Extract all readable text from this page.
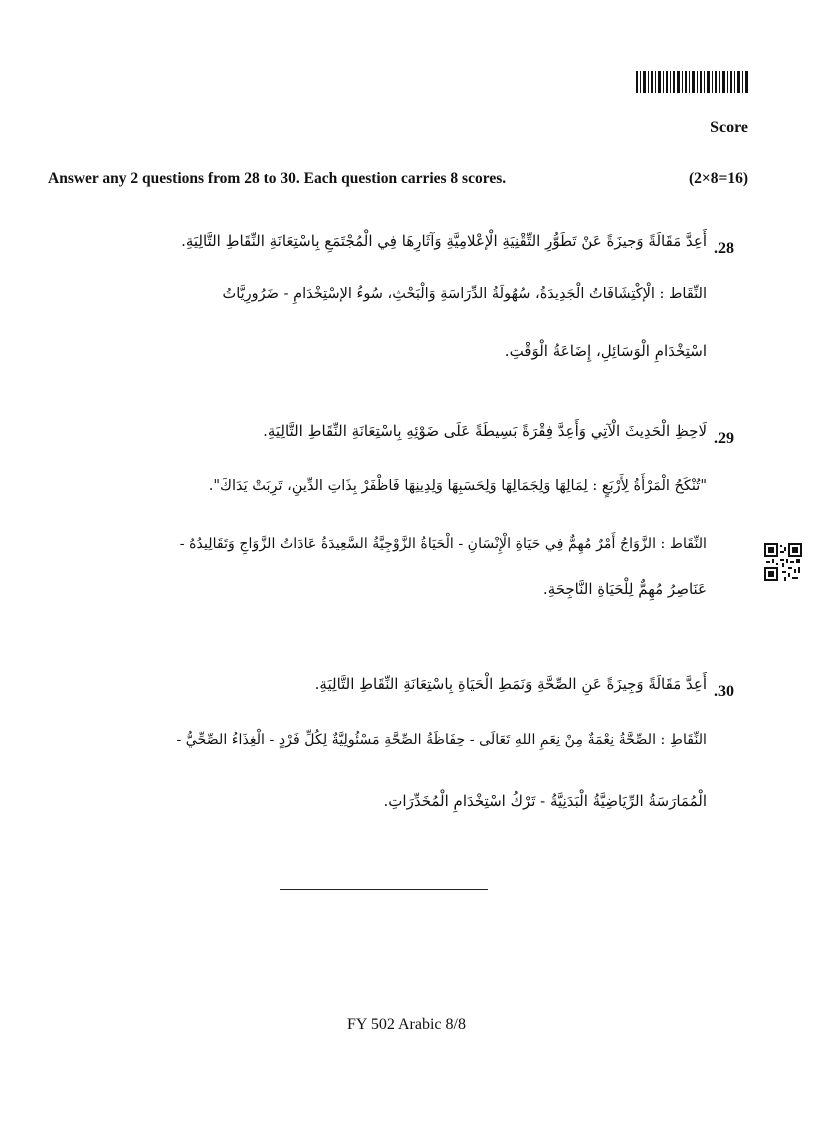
Score
Answer any 2 questions from 28 to 30. Each question carries 8 scores.	(2×8=16)
.28
أَعِدَّ مَقَالَةً وَجيزَةً عَنْ تَطَوُّرِ التِّقْنِيَةِ الْإعْلامِيَّةِ وَآثَارِهَا فِي الْمُجْتَمَعِ بِاسْتِعَانَةِ النِّقَاطِ التَّالِيَةِ.
النِّقَاط : الْإكْتِشَافَاتُ الْجَدِيدَةُ، سُهُولَةُ الدِّرَاسَةِ وَالْبَحْثِ، سُوءُ الإسْتِخْدَامِ - ضَرُورِيَّاتُ
اسْتِخْدَامِ الْوَسَائِلِ، إِضَاعَةُ الْوَقْتِ.
.29
لَاحِظِ الْحَدِيثَ الْآتِي وَأَعِدَّ فِقْرَةً بَسِيطَةً عَلَى ضَوْئِهِ بِاسْتِعَانَةِ النِّقَاطِ التَّالِيَةِ.
"تُنْكَحُ الْمَرْأَةُ لِأَرْبَعٍ : لِمَالِهَا وَلِجَمَالِهَا وَلِحَسَبِهَا وَلِدِينِهَا فَاظْفَرْ بِذَاتِ الدِّينِ، تَرِبَتْ يَدَاكَ".
النِّقَاط : الزَّوَاجُ أَمْرٌ مُهِمٌّ فِي حَيَاةِ الْإِنْسَانِ - الْحَيَاةُ الزَّوْجِيَّةُ السَّعِيدَةُ عَادَاتُ الزَّوَاجِ وَتَقَالِيدُهُ -
عَنَاصِرُ مُهِمٌّ لِلْحَيَاةِ النَّاجِحَةِ.
.30
أَعِدَّ مَقَالَةً وَجِيزَةً عَنِ الصِّحَّةِ وَنَمَطِ الْحَيَاةِ بِاسْتِعَانَةِ النِّقَاطِ التَّالِيَةِ.
النِّقَاطِ : الصِّحَّةُ نِعْمَةٌ مِنْ نِعَمِ اللهِ تَعَالَى - حِفَاظَةُ الصِّحَّةِ مَسْئُولِيَّةٌ لِكُلِّ فَرْدٍ - الْغِذَاءُ الصِّحِّيُّ -
الْمُمَارَسَةُ الرِّيَاضِيَّةُ الْبَدَنِيَّةُ - تَرْكُ اسْتِخْدَامِ الْمُخَدِّرَاتِ.
FY 502 Arabic 8/8
